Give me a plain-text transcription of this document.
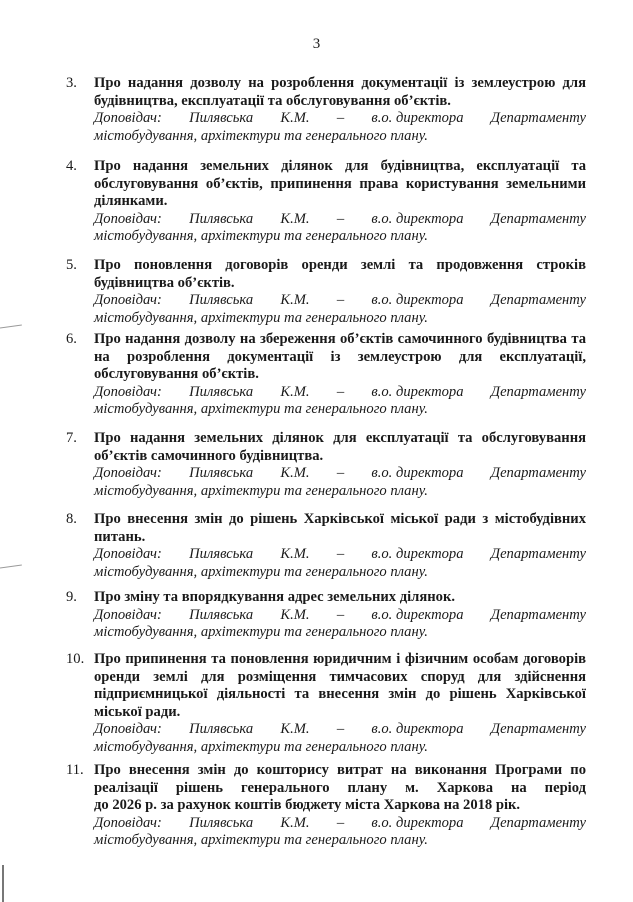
3
3.	Про надання дозволу на розроблення документації із землеустрою для
будівництва, експлуатації та обслуговування об’єктів.
Доповідач: Пилявська К.М. – в.о. директора Департаменту
містобудування, архітектури та генерального плану.
4.	Про надання земельних ділянок для будівництва, експлуатації та
обслуговування об’єктів, припинення права користування земельними
ділянками.
Доповідач: Пилявська К.М. – в.о. директора Департаменту
містобудування, архітектури та генерального плану.
5.	Про поновлення договорів оренди землі та продовження строків
будівництва об’єктів.
Доповідач: Пилявська К.М. – в.о. директора Департаменту
містобудування, архітектури та генерального плану.
6.	Про надання дозволу на збереження об’єктів самочинного будівництва та
на розроблення документації із землеустрою для експлуатації,
обслуговування об’єктів.
Доповідач: Пилявська К.М. – в.о. директора Департаменту
містобудування, архітектури та генерального плану.
7.	Про надання земельних ділянок для експлуатації та обслуговування
об’єктів самочинного будівництва.
Доповідач: Пилявська К.М. – в.о. директора Департаменту
містобудування, архітектури та генерального плану.
8.	Про внесення змін до рішень Харківської міської ради з містобудівних
питань.
Доповідач: Пилявська К.М. – в.о. директора Департаменту
містобудування, архітектури та генерального плану.
9.	Про зміну та впорядкування адрес земельних ділянок.
Доповідач: Пилявська К.М. – в.о. директора Департаменту
містобудування, архітектури та генерального плану.
10. Про припинення та поновлення юридичним і фізичним особам договорів
оренди землі для розміщення тимчасових споруд для здійснення
підприємницької діяльності та внесення змін до рішень Харківської
міської ради.
Доповідач: Пилявська К.М. – в.о. директора Департаменту
містобудування, архітектури та генерального плану.
11. Про внесення змін до кошторису витрат на виконання Програми по
реалізації рішень генерального плану м. Харкова на період
до 2026 р. за рахунок коштів бюджету міста Харкова на 2018 рік.
Доповідач: Пилявська К.М. – в.о. директора Департаменту
містобудування, архітектури та генерального плану.
